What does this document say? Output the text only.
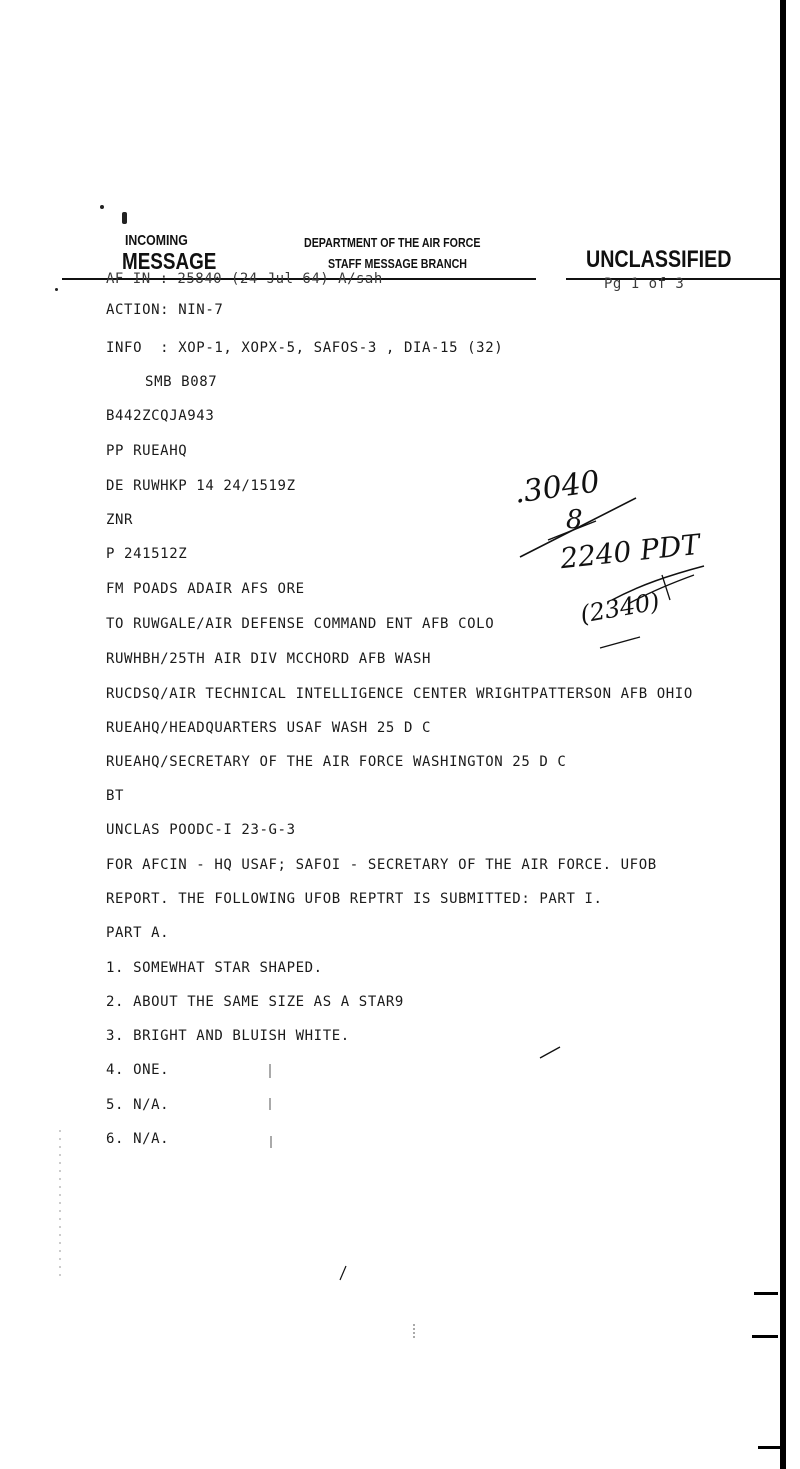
INCOMING
MESSAGE
DEPARTMENT OF THE AIR FORCE
STAFF MESSAGE BRANCH	UNCLASSIFIED
AF IN : 25840 (24 Jul 64) A/sah	Pg 1 of 3
ACTION: NIN-7
INFO  : XOP-1, XOPX-5, SAFOS-3 , DIA-15 (32)
SMB B087
B442ZCQJA943
PP RUEAHQ
DE RUWHKP 14 24/1519Z
ZNR
P 241512Z
FM POADS ADAIR AFS ORE
TO RUWGALE/AIR DEFENSE COMMAND ENT AFB COLO
RUWHBH/25TH AIR DIV MCCHORD AFB WASH
RUCDSQ/AIR TECHNICAL INTELLIGENCE CENTER WRIGHTPATTERSON AFB OHIO
RUEAHQ/HEADQUARTERS USAF WASH 25 D C
RUEAHQ/SECRETARY OF THE AIR FORCE WASHINGTON 25 D C
BT
UNCLAS POODC-I 23-G-3
FOR AFCIN - HQ USAF; SAFOI - SECRETARY OF THE AIR FORCE. UFOB
REPORT. THE FOLLOWING UFOB REPTRT IS SUBMITTED: PART I.
PART A.
1. SOMEWHAT STAR SHAPED.
2. ABOUT THE SAME SIZE AS A STAR9
3. BRIGHT AND BLUISH WHITE.
4. ONE.
5. N/A.
6. N/A.
.3040
8
2240 PDT
(2340)
